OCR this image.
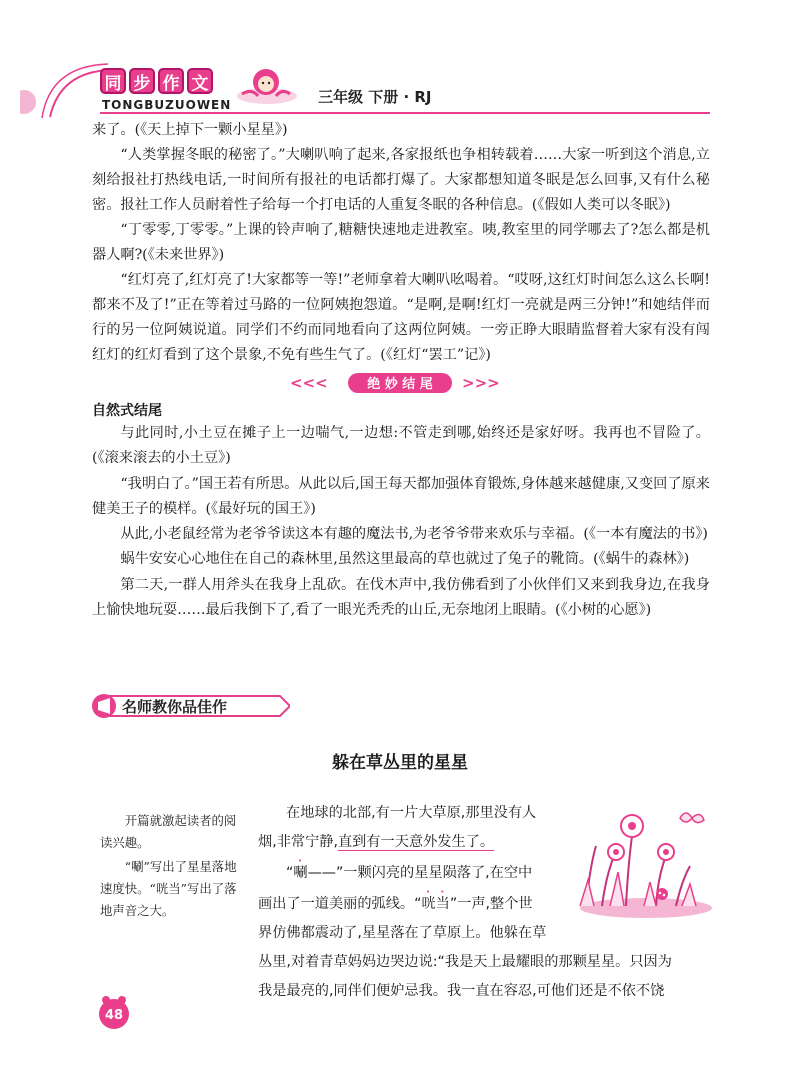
同 步 作 文
TONGBUZUOWEN	三年级 下册 · RJ

来了。(《天上掉下一颗小星星》)

“人类掌握冬眠的秘密了。”大喇叭响了起来,各家报纸也争相转载着……大家一听到这个消息,立刻给报社打热线电话,一时间所有报社的电话都打爆了。大家都想知道冬眠是怎么回事,又有什么秘密。报社工作人员耐着性子给每一个打电话的人重复冬眠的各种信息。(《假如人类可以冬眠》)

“丁零零,丁零零。”上课的铃声响了,糖糖快速地走进教室。咦,教室里的同学哪去了?怎么都是机器人啊?(《未来世界》)

“红灯亮了,红灯亮了!大家都等一等!”老师拿着大喇叭吆喝着。“哎呀,这红灯时间怎么这么长啊!都来不及了!”正在等着过马路的一位阿姨抱怨道。“是啊,是啊!红灯一亮就是两三分钟!”和她结伴而行的另一位阿姨说道。同学们不约而同地看向了这两位阿姨。一旁正睁大眼睛监督着大家有没有闯红灯的红灯看到了这个景象,不免有些生气了。(《红灯“罢工”记》)

<<<	绝 妙 结 尾 >>>
自然式结尾

与此同时,小土豆在摊子上一边喘气,一边想:不管走到哪,始终还是家好呀。我再也不冒险了。(《滚来滚去的小土豆》)

“我明白了。”国王若有所思。从此以后,国王每天都加强体育锻炼,身体越来越健康,又变回了原来健美王子的模样。(《最好玩的国王》)

从此,小老鼠经常为老爷爷读这本有趣的魔法书,为老爷爷带来欢乐与幸福。(《一本有魔法的书》)

蜗牛安安心心地住在自己的森林里,虽然这里最高的草也就过了兔子的靴筒。(《蜗牛的森林》)

第二天,一群人用斧头在我身上乱砍。在伐木声中,我仿佛看到了小伙伴们又来到我身边,在我身上愉快地玩耍……最后我倒下了,看了一眼光秃秃的山丘,无奈地闭上眼睛。(《小树的心愿》)

名师教你品佳作
躲在草丛里的星星

开篇就激起读者的阅读兴趣。

“唰”写出了星星落地速度快。“咣当”写出了落地声音之大。

在地球的北部,有一片大草原,那里没有人
烟,非常宁静,直到有一天意外发生了。
“唰——”一颗闪亮的星星陨落了,在空中
画出了一道美丽的弧线。“咣当”一声,整个世
界仿佛都震动了,星星落在了草原上。他躲在草
丛里,对着青草妈妈边哭边说:“我是天上最耀眼的那颗星星。只因为
我是最亮的,同伴们便妒忌我。我一直在容忍,可他们还是不依不饶
48
